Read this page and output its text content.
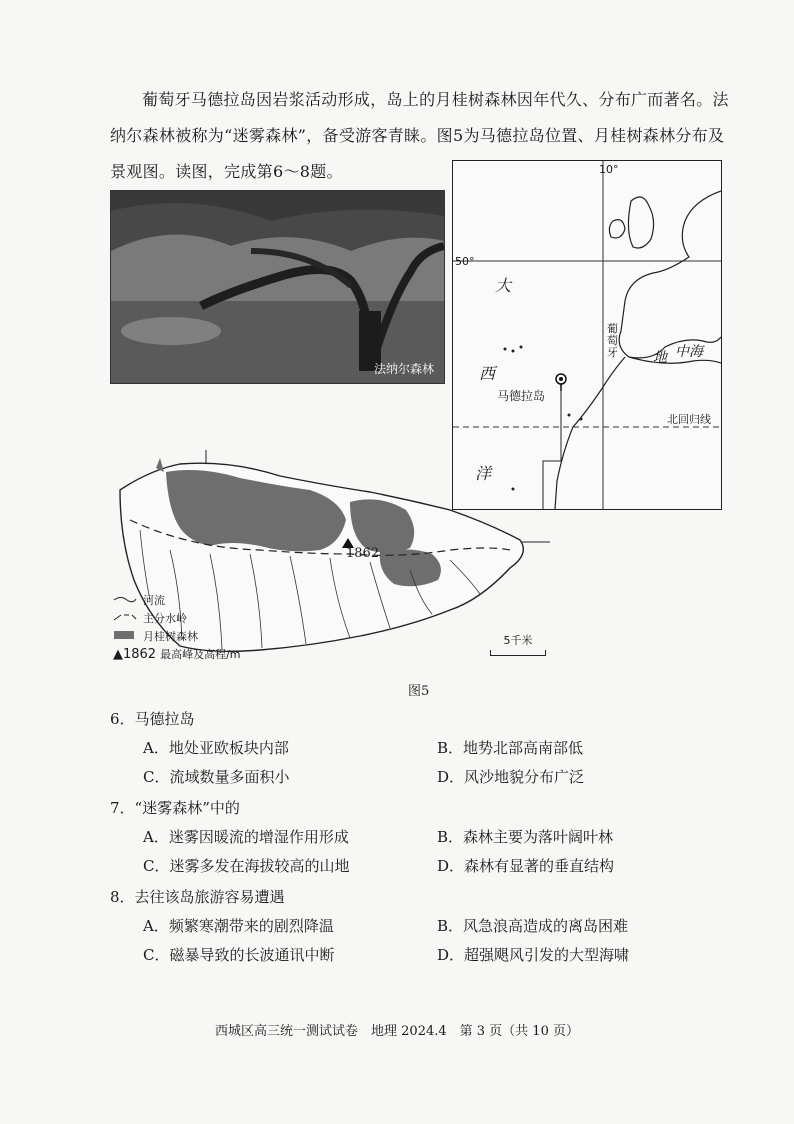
葡萄牙马德拉岛因岩浆活动形成，岛上的月桂树森林因年代久、分布广而著名。法纳尔森林被称为“迷雾森林”，备受游客青睐。图5为马德拉岛位置、月桂树森林分布及景观图。读图，完成第6～8题。

法纳尔森林
10°
50°
大
西
洋
葡萄牙	地 中海
马德拉岛
北回归线
1862
河流
主分水岭
月桂树森林
▲1862 最高峰及高程/m
5千米
图5
6．马德拉岛
A．地处亚欧板块内部	B．地势北部高南部低
C．流域数量多面积小	D．风沙地貌分布广泛
7．“迷雾森林”中的
A．迷雾因暖流的增湿作用形成	B．森林主要为落叶阔叶林
C．迷雾多发在海拔较高的山地	D．森林有显著的垂直结构
8．去往该岛旅游容易遭遇
A．频繁寒潮带来的剧烈降温	B．风急浪高造成的离岛困难
C．磁暴导致的长波通讯中断	D．超强飓风引发的大型海啸
西城区高三统一测试试卷　地理 2024.4　第 3 页（共 10 页）
